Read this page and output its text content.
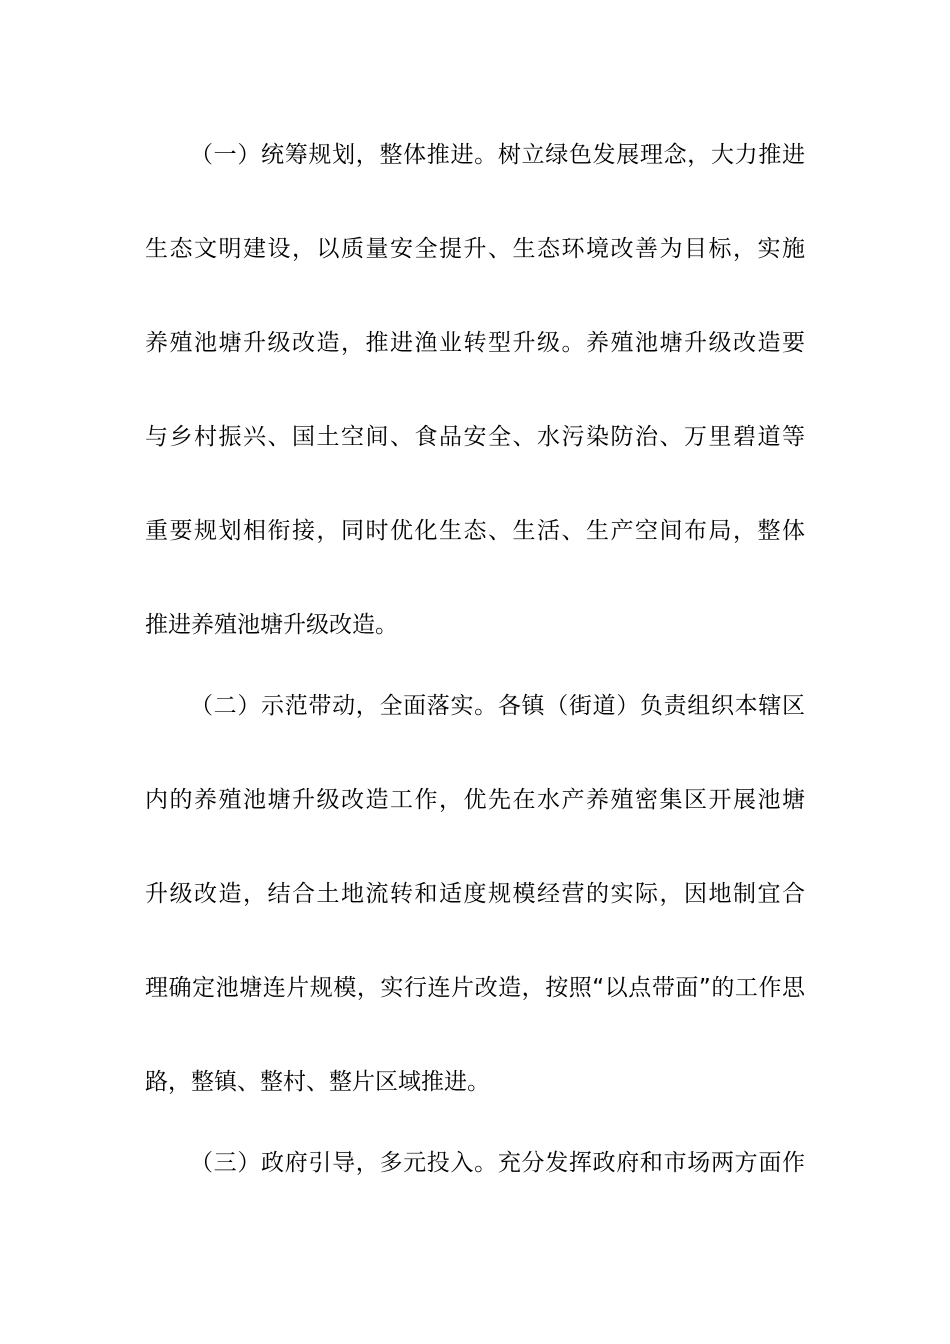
（一）统筹规划，整体推进。树立绿色发展理念，大力推进
生态文明建设，以质量安全提升、生态环境改善为目标，实施
养殖池塘升级改造，推进渔业转型升级。养殖池塘升级改造要
与乡村振兴、国土空间、食品安全、水污染防治、万里碧道等
重要规划相衔接，同时优化生态、生活、生产空间布局，整体
推进养殖池塘升级改造。
（二）示范带动，全面落实。各镇（街道）负责组织本辖区
内的养殖池塘升级改造工作，优先在水产养殖密集区开展池塘
升级改造，结合土地流转和适度规模经营的实际，因地制宜合
理确定池塘连片规模，实行连片改造，按照“以点带面”的工作思
路，整镇、整村、整片区域推进。
（三）政府引导，多元投入。充分发挥政府和市场两方面作
